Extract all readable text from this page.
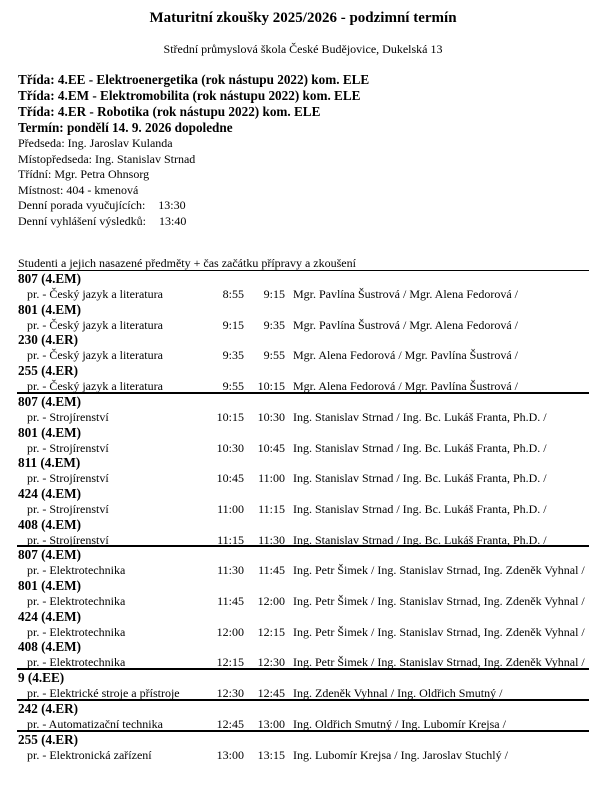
Maturitní zkoušky 2025/2026 - podzimní termín
Střední průmyslová škola České Budějovice, Dukelská 13
Třída: 4.EE - Elektroenergetika (rok nástupu 2022) kom. ELE
Třída: 4.EM - Elektromobilita (rok nástupu 2022) kom. ELE
Třída: 4.ER - Robotika (rok nástupu 2022) kom. ELE
Termín: pondělí 14. 9. 2026 dopoledne
Předseda: Ing. Jaroslav Kulanda
Místopředseda: Ing. Stanislav Strnad
Třídní: Mgr. Petra Ohnsorg
Místnost: 404 - kmenová
Denní porada vyučujících: 13:30
Denní vyhlášení výsledků: 13:40
Studenti a jejich nasazené předměty + čas začátku přípravy a zkoušení
807 (4.EM)
pr. - Český jazyk a literatura	8:55	9:15 Mgr. Pavlína Šustrová / Mgr. Alena Fedorová /
801 (4.EM)
pr. - Český jazyk a literatura	9:15	9:35 Mgr. Pavlína Šustrová / Mgr. Alena Fedorová /
230 (4.ER)
pr. - Český jazyk a literatura	9:35	9:55 Mgr. Alena Fedorová / Mgr. Pavlína Šustrová /
255 (4.ER)
pr. - Český jazyk a literatura	9:55	10:15 Mgr. Alena Fedorová / Mgr. Pavlína Šustrová /
807 (4.EM)
pr. - Strojírenství	10:15	10:30 Ing. Stanislav Strnad / Ing. Bc. Lukáš Franta, Ph.D. /
801 (4.EM)
pr. - Strojírenství	10:30	10:45 Ing. Stanislav Strnad / Ing. Bc. Lukáš Franta, Ph.D. /
811 (4.EM)
pr. - Strojírenství	10:45	11:00 Ing. Stanislav Strnad / Ing. Bc. Lukáš Franta, Ph.D. /
424 (4.EM)
pr. - Strojírenství	11:00	11:15 Ing. Stanislav Strnad / Ing. Bc. Lukáš Franta, Ph.D. /
408 (4.EM)
pr. - Strojírenství	11:15	11:30 Ing. Stanislav Strnad / Ing. Bc. Lukáš Franta, Ph.D. /
807 (4.EM)
pr. - Elektrotechnika	11:30	11:45 Ing. Petr Šimek / Ing. Stanislav Strnad, Ing. Zdeněk Vyhnal /
801 (4.EM)
pr. - Elektrotechnika	11:45	12:00 Ing. Petr Šimek / Ing. Stanislav Strnad, Ing. Zdeněk Vyhnal /
424 (4.EM)
pr. - Elektrotechnika	12:00	12:15 Ing. Petr Šimek / Ing. Stanislav Strnad, Ing. Zdeněk Vyhnal /
408 (4.EM)
pr. - Elektrotechnika	12:15	12:30 Ing. Petr Šimek / Ing. Stanislav Strnad, Ing. Zdeněk Vyhnal /
9 (4.EE)
pr. - Elektrické stroje a přístroje	12:30	12:45 Ing. Zdeněk Vyhnal / Ing. Oldřich Smutný /
242 (4.ER)
pr. - Automatizační technika	12:45	13:00 Ing. Oldřich Smutný / Ing. Lubomír Krejsa /
255 (4.ER)
pr. - Elektronická zařízení	13:00	13:15 Ing. Lubomír Krejsa / Ing. Jaroslav Stuchlý /
